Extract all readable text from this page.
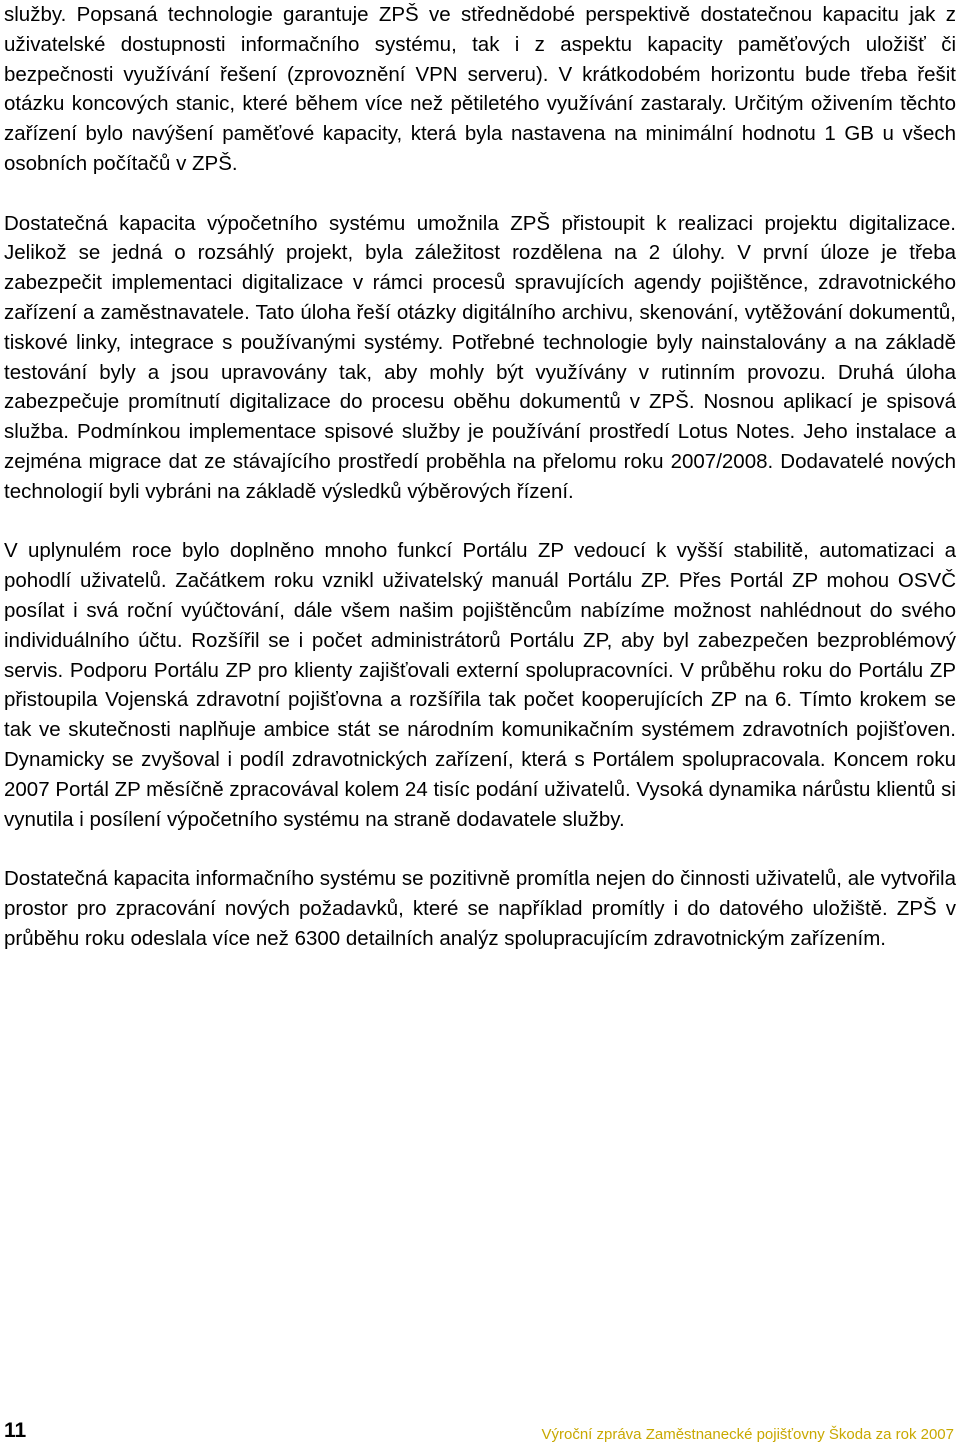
služby. Popsaná technologie garantuje ZPŠ ve střednědobé perspektivě dostatečnou kapacitu jak z uživatelské dostupnosti informačního systému, tak i z aspektu kapacity paměťových uložišť či bezpečnosti využívání řešení (zprovoznění VPN serveru). V krátkodobém horizontu bude třeba řešit otázku koncových stanic, které během více než pětiletého využívání zastaraly. Určitým oživením těchto zařízení bylo navýšení paměťové kapacity, která byla nastavena na minimální hodnotu 1 GB u všech osobních počítačů v ZPŠ.

Dostatečná kapacita výpočetního systému umožnila ZPŠ přistoupit k realizaci projektu digitalizace. Jelikož se jedná o rozsáhlý projekt, byla záležitost rozdělena na 2 úlohy. V první úloze je třeba zabezpečit implementaci digitalizace v rámci procesů spravujících agendy pojištěnce, zdravotnického zařízení a zaměstnavatele. Tato úloha řeší otázky digitálního archivu, skenování, vytěžování dokumentů, tiskové linky, integrace s používanými systémy. Potřebné technologie byly nainstalovány a na základě testování byly a jsou upravovány tak, aby mohly být využívány v rutinním provozu. Druhá úloha zabezpečuje promítnutí digitalizace do procesu oběhu dokumentů v ZPŠ. Nosnou aplikací je spisová služba. Podmínkou implementace spisové služby je používání prostředí Lotus Notes. Jeho instalace a zejména migrace dat ze stávajícího prostředí proběhla na přelomu roku 2007/2008. Dodavatelé nových technologií byli vybráni na základě výsledků výběrových řízení.

V uplynulém roce bylo doplněno mnoho funkcí Portálu ZP vedoucí k vyšší stabilitě, automatizaci a pohodlí uživatelů. Začátkem roku vznikl uživatelský manuál Portálu ZP. Přes Portál ZP mohou OSVČ posílat i svá roční vyúčtování, dále všem našim pojištěncům nabízíme možnost nahlédnout do svého individuálního účtu. Rozšířil se i počet administrátorů Portálu ZP, aby byl zabezpečen bezproblémový servis. Podporu Portálu ZP pro klienty zajišťovali externí spolupracovníci. V průběhu roku do Portálu ZP přistoupila Vojenská zdravotní pojišťovna a rozšířila tak počet kooperujících ZP na 6. Tímto krokem se tak ve skutečnosti naplňuje ambice stát se národním komunikačním systémem zdravotních pojišťoven. Dynamicky se zvyšoval i podíl zdravotnických zařízení, která s Portálem spolupracovala. Koncem roku 2007 Portál ZP měsíčně zpracovával kolem 24 tisíc podání uživatelů. Vysoká dynamika nárůstu klientů si vynutila i posílení výpočetního systému na straně dodavatele služby.

Dostatečná kapacita informačního systému se pozitivně promítla nejen do činnosti uživatelů, ale vytvořila prostor pro zpracování nových požadavků, které se například promítly i do datového uložiště. ZPŠ v průběhu roku odeslala více než 6300 detailních analýz spolupracujícím zdravotnickým zařízením.

11	Výroční zpráva Zaměstnanecké pojišťovny Škoda za rok 2007
